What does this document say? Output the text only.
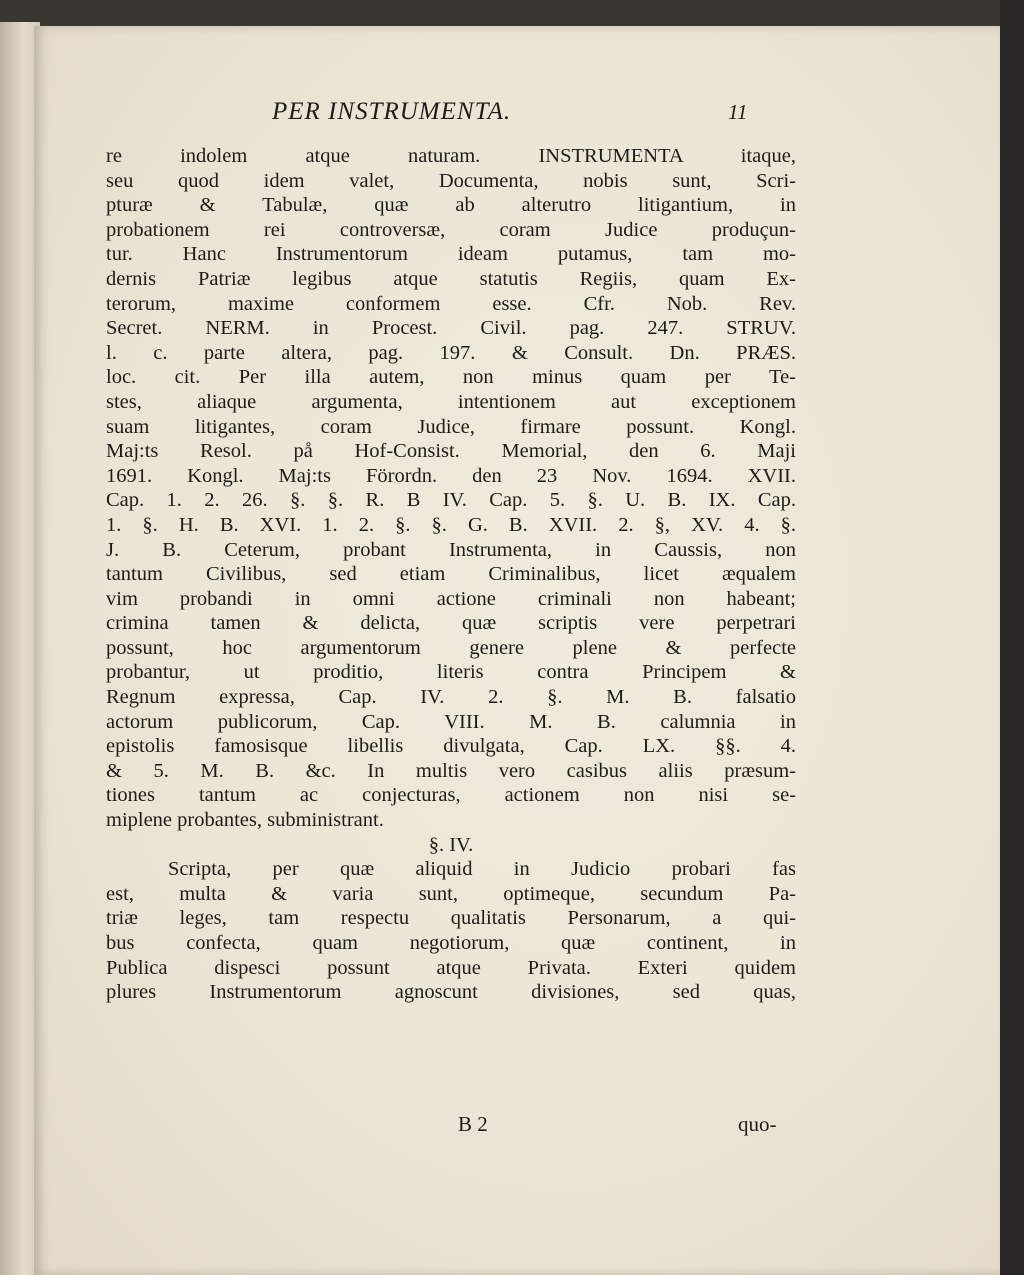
PER INSTRUMENTA.	11
re indolem atque naturam. INSTRUMENTA itaque,
seu quod idem valet, Documenta, nobis sunt, Scri-
pturæ & Tabulæ, quæ ab alterutro litigantium, in
probationem rei controversæ, coram Judice produçun-
tur. Hanc Instrumentorum ideam putamus, tam mo-
dernis Patriæ legibus atque statutis Regiis, quam Ex-
terorum, maxime conformem esse. Cfr. Nob. Rev.
Secret. NERM. in Procest. Civil. pag. 247. STRUV.
l. c. parte altera, pag. 197. & Consult. Dn. PRÆS.
loc. cit. Per illa autem, non minus quam per Te-
stes, aliaque argumenta, intentionem aut exceptionem
suam litigantes, coram Judice, firmare possunt. Kongl.
Maj:ts Resol. på Hof-Consist. Memorial, den 6. Maji
1691. Kongl. Maj:ts Förordn. den 23 Nov. 1694. XVII.
Cap. 1. 2. 26. §. §. R. B IV. Cap. 5. §. U. B. IX. Cap.
1. §. H. B. XVI. 1. 2. §. §. G. B. XVII. 2. §, XV. 4. §.
J. B. Ceterum, probant Instrumenta, in Caussis, non
tantum Civilibus, sed etiam Criminalibus, licet æqualem
vim probandi in omni actione criminali non habeant;
crimina tamen & delicta, quæ scriptis vere perpetrari
possunt, hoc argumentorum genere plene & perfecte
probantur, ut proditio, literis contra Principem &
Regnum expressa, Cap. IV. 2. §. M. B. falsatio
actorum publicorum, Cap. VIII. M. B. calumnia in
epistolis famosisque libellis divulgata, Cap. LX. §§. 4.
& 5. M. B. &c. In multis vero casibus aliis præsum-
tiones tantum ac conjecturas, actionem non nisi se-
miplene probantes, subministrant.
§. IV.
Scripta, per quæ aliquid in Judicio probari fas
est, multa & varia sunt, optimeque, secundum Pa-
triæ leges, tam respectu qualitatis Personarum, a qui-
bus confecta, quam negotiorum, quæ continent, in
Publica dispesci possunt atque Privata. Exteri quidem
plures Instrumentorum agnoscunt divisiones, sed quas,
B 2	quo-
